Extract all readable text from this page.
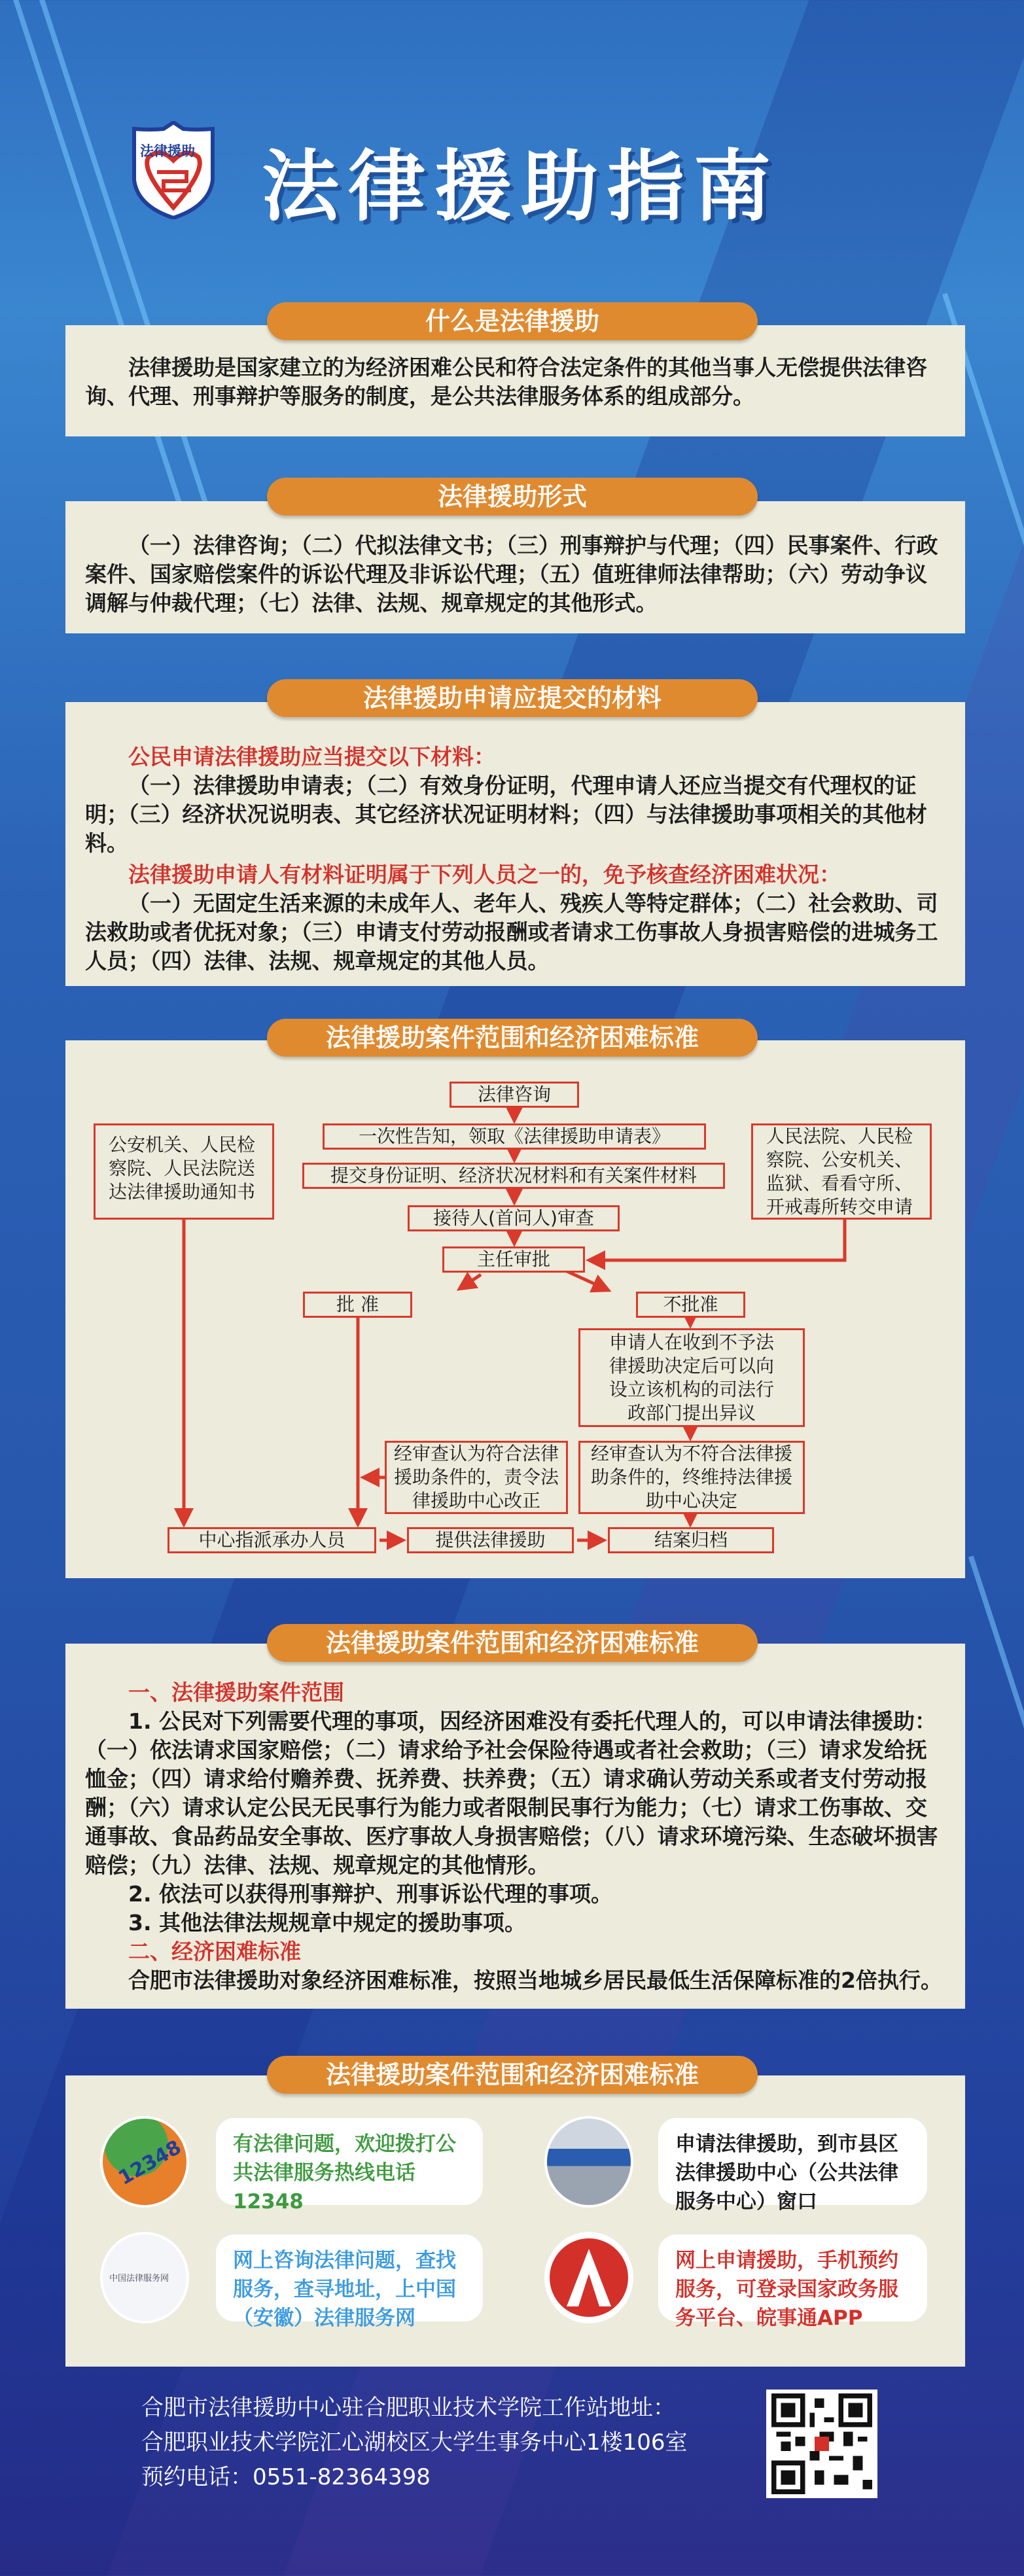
法律援助 法律援助指南
什么是法律援助

法律援助是国家建立的为经济困难公民和符合法定条件的其他当事人无偿提供法律咨询、代理、刑事辩护等服务的制度，是公共法律服务体系的组成部分。

法律援助形式

（一）法律咨询；（二）代拟法律文书；（三）刑事辩护与代理；（四）民事案件、行政案件、国家赔偿案件的诉讼代理及非诉讼代理；（五）值班律师法律帮助；（六）劳动争议调解与仲裁代理；（七）法律、法规、规章规定的其他形式。

法律援助申请应提交的材料

公民申请法律援助应当提交以下材料：

（一）法律援助申请表；（二）有效身份证明，代理申请人还应当提交有代理权的证明；（三）经济状况说明表、其它经济状况证明材料；（四）与法律援助事项相关的其他材料。

法律援助申请人有材料证明属于下列人员之一的，免予核查经济困难状况：

（一）无固定生活来源的未成年人、老年人、残疾人等特定群体；（二）社会救助、司法救助或者优抚对象；（三）申请支付劳动报酬或者请求工伤事故人身损害赔偿的进城务工人员；（四）法律、法规、规章规定的其他人员。

法律援助案件范围和经济困难标准
法律咨询
一次性告知，领取《法律援助申请表》
提交身份证明、经济状况材料和有关案件材料
接待人(首问人)审查
主任审批
批 准	不批准
公安机关、人民检察院、人民法院送达法律援助通知书
人民法院、人民检察院、公安机关、监狱、看看守所、开戒毒所转交申请
申请人在收到不予法律援助决定后可以向设立该机构的司法行政部门提出异议
经审查认为符合法律援助条件的，责令法律援助中心改正
经审查认为不符合法律援助条件的，终维持法律援助中心决定
中心指派承办人员	提供法律援助	结案归档
法律援助案件范围和经济困难标准

一、法律援助案件范围

1. 公民对下列需要代理的事项，因经济困难没有委托代理人的，可以申请法律援助：（一）依法请求国家赔偿；（二）请求给予社会保险待遇或者社会救助；（三）请求发给抚恤金；（四）请求给付赡养费、抚养费、扶养费；（五）请求确认劳动关系或者支付劳动报酬；（六）请求认定公民无民事行为能力或者限制民事行为能力；（七）请求工伤事故、交通事故、食品药品安全事故、医疗事故人身损害赔偿；（八）请求环境污染、生态破坏损害赔偿；（九）法律、法规、规章规定的其他情形。

2. 依法可以获得刑事辩护、刑事诉讼代理的事项。

3. 其他法律法规规章中规定的援助事项。

二、经济困难标准

合肥市法律援助对象经济困难标准，按照当地城乡居民最低生活保障标准的2倍执行。

法律援助案件范围和经济困难标准
12348	有法律问题，欢迎拨打公共法律服务热线电话12348
申请法律援助，到市县区法律援助中心（公共法律服务中心）窗口
中国法律服务网
网上咨询法律问题，查找服务，查寻地址，上中国（安徽）法律服务网
网上申请援助，手机预约服务，可登录国家政务服务平台、皖事通APP
合肥市法律援助中心驻合肥职业技术学院工作站地址：
合肥职业技术学院汇心湖校区大学生事务中心1楼106室
预约电话：0551-82364398
